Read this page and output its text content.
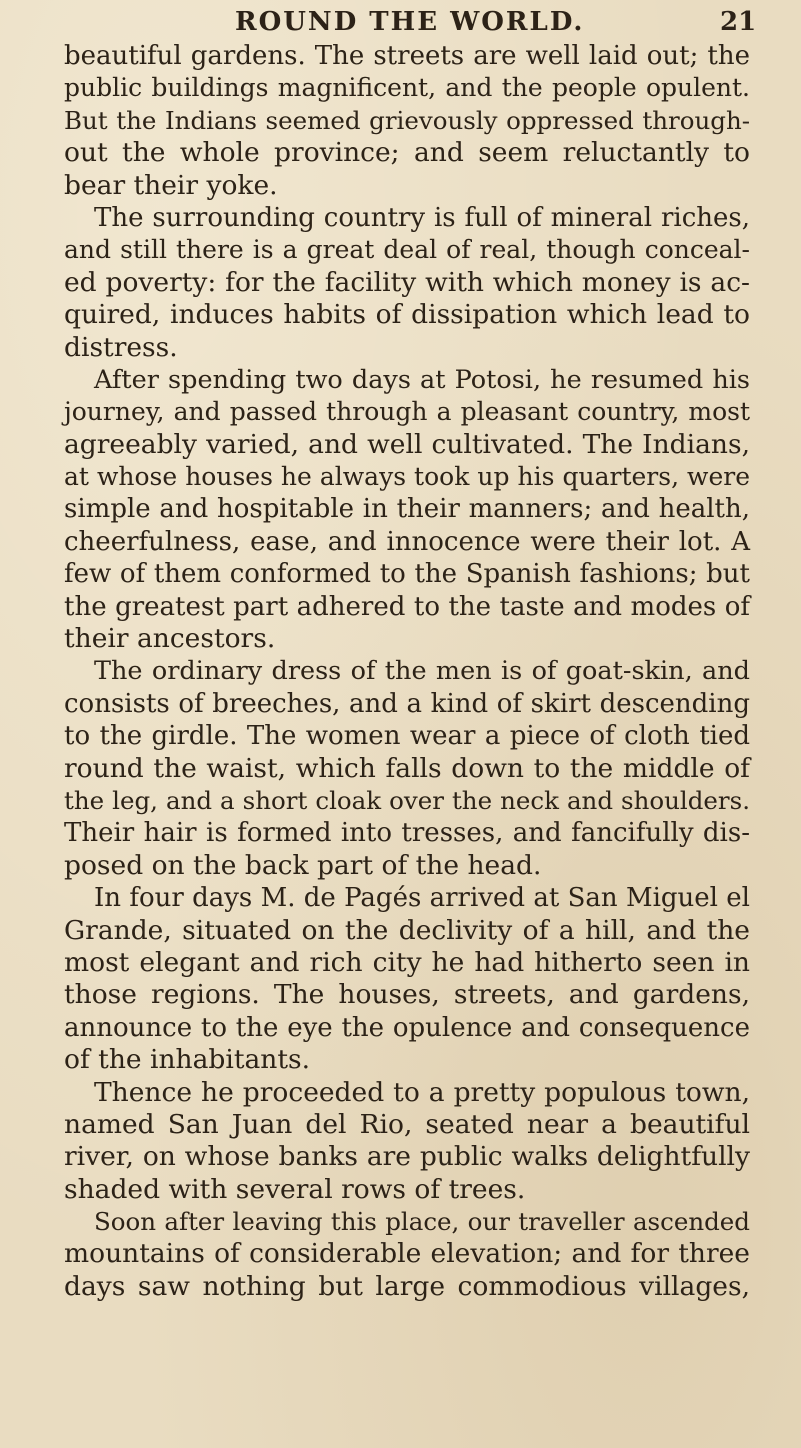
ROUND THE WORLD.	21
beautiful gardens. The streets are well laid out; the
public buildings magnificent, and the people opulent.
But the Indians seemed grievously oppressed through-
out the whole province; and seem reluctantly to
bear their yoke.
The surrounding country is full of mineral riches,
and still there is a great deal of real, though conceal-
ed poverty: for the facility with which money is ac-
quired, induces habits of dissipation which lead to
distress.
After spending two days at Potosi, he resumed his
journey, and passed through a pleasant country, most
agreeably varied, and well cultivated. The Indians,
at whose houses he always took up his quarters, were
simple and hospitable in their manners; and health,
cheerfulness, ease, and innocence were their lot. A
few of them conformed to the Spanish fashions; but
the greatest part adhered to the taste and modes of
their ancestors.
The ordinary dress of the men is of goat-skin, and
consists of breeches, and a kind of skirt descending
to the girdle. The women wear a piece of cloth tied
round the waist, which falls down to the middle of
the leg, and a short cloak over the neck and shoulders.
Their hair is formed into tresses, and fancifully dis-
posed on the back part of the head.
In four days M. de Pagés arrived at San Miguel el
Grande, situated on the declivity of a hill, and the
most elegant and rich city he had hitherto seen in
those regions. The houses, streets, and gardens,
announce to the eye the opulence and consequence
of the inhabitants.
Thence he proceeded to a pretty populous town,
named San Juan del Rio, seated near a beautiful
river, on whose banks are public walks delightfully
shaded with several rows of trees.
Soon after leaving this place, our traveller ascended
mountains of considerable elevation; and for three
days saw nothing but large commodious villages,
